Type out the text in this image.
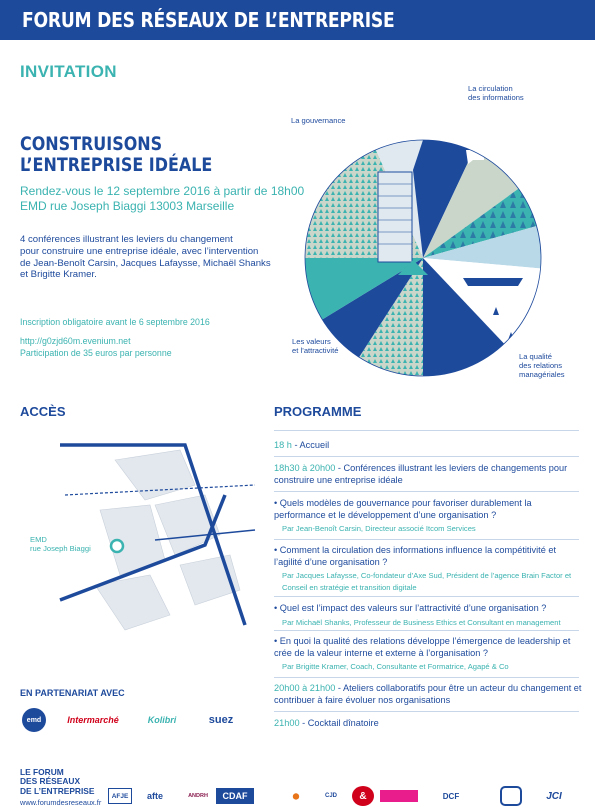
FORUM DES RÉSEAUX DE L’ENTREPRISE
INVITATION
CONSTRUISONS
L’ENTREPRISE IDÉALE
Rendez-vous le 12 septembre 2016 à partir de 18h00
EMD rue Joseph Biaggi 13003 Marseille
4 conférences illustrant les leviers du changement
pour construire une entreprise idéale, avec l’intervention
de Jean-Benoît Carsin, Jacques Lafaysse, Michaël Shanks
et Brigitte Kramer.
Inscription obligatoire avant le 6 septembre 2016
http://g0zjd60m.evenium.net
Participation de 35 euros par personne
La gouvernance
La circulation
des informations
Les valeurs
et l’attractivité
La qualité
des relations
managériales
ACCÈS
EMD
rue Joseph Biaggi
PROGRAMME
18 h - Accueil
18h30 à 20h00 - Conférences illustrant les leviers de changements pour construire une entreprise idéale
• Quels modèles de gouvernance pour favoriser durablement la performance et le développement d’une organisation ?
Par Jean-Benoît Carsin, Directeur associé Itcom Services
• Comment la circulation des informations influence la compétitivité et l’agilité d’une organisation ?
Par Jacques Lafaysse, Co-fondateur d’Axe Sud, Président de l’agence Brain Factor et Conseil en stratégie et transition digitale
• Quel est l’impact des valeurs sur l’attractivité d’une organisation ?
Par Michaël Shanks, Professeur de Business Ethics et Consultant en management
• En quoi la qualité des relations développe l’émergence de leadership et crée de la valeur interne et externe à l’organisation ?
Par Brigitte Kramer, Coach, Consultante et Formatrice, Agapé & Co
20h00 à 21h00 - Ateliers collaboratifs pour être un acteur du changement et contribuer à faire évoluer nos organisations
21h00 - Cocktail dînatoire
EN PARTENARIAT AVEC
emd	Intermarché	Kolibri	suez
LE FORUM
DES RÉSEAUX
DE L’ENTREPRISE
www.forumdesreseaux.fr
AFJE	afte	ANDRH	CDAF	⬤	CJD	&	DCF	JCI
